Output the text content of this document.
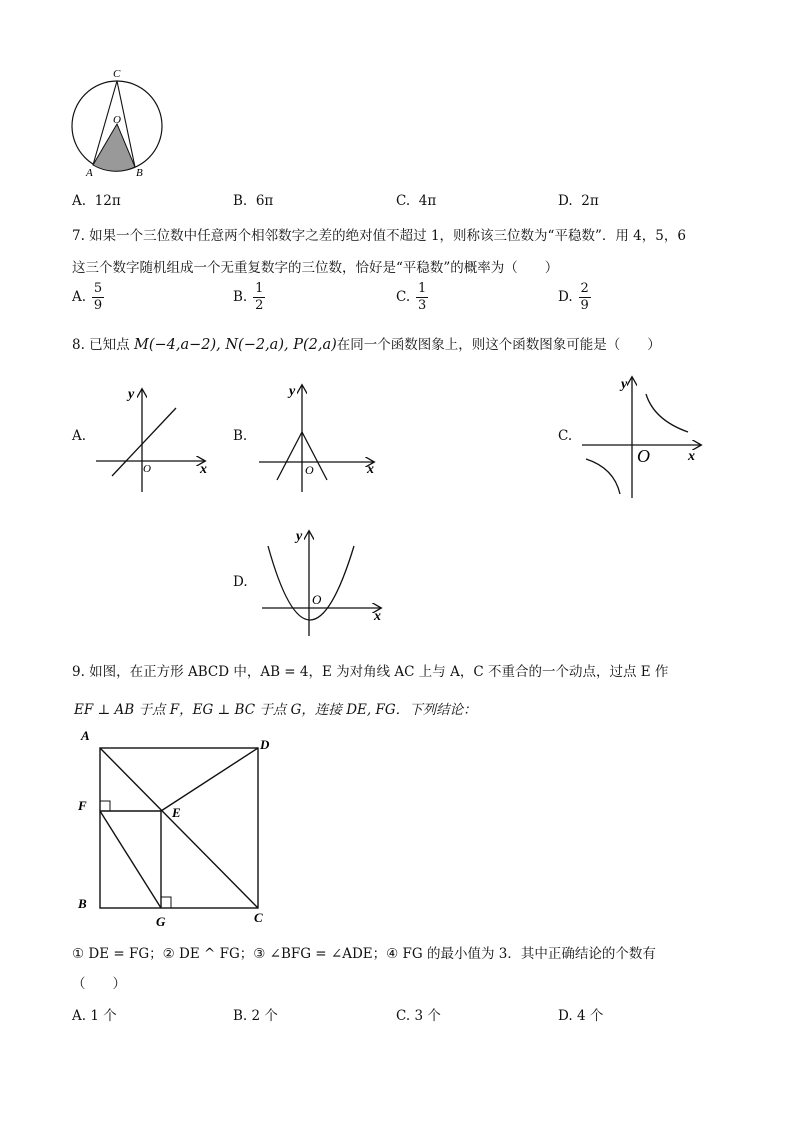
C
O
A	B
A. 12π	B. 6π	C. 4π	D. 2π
7. 如果一个三位数中任意两个相邻数字之差的绝对值不超过 1，则称该三位数为“平稳数”．用 4，5，6
这三个数字随机组成一个无重复数字的三位数，恰好是“平稳数”的概率为（　　）
A. $\frac{5}{9}$	B. $\frac{1}{2}$	C. $\frac{1}{3}$	D. $\frac{2}{9}$
8. 已知点 M(−4,a−2), N(−2,a), P(2,a)在同一个函数图象上，则这个函数图象可能是（　　）
A.
y
x
O
B.
y
x
O
C.
y
x
O
D.
y
x
O
9. 如图，在正方形 ABCD 中，AB = 4，E 为对角线 AC 上与 A，C 不重合的一个动点，过点 E 作
EF ⊥ AB 于点 F，EG ⊥ BC 于点 G，连接 DE, FG．下列结论：
A
D
F	E
B
G	C
① DE = FG；② DE ^ FG；③ ∠BFG = ∠ADE；④ FG 的最小值为 3．其中正确结论的个数有
（　　）
A. 1 个	B. 2 个	C. 3 个	D. 4 个
